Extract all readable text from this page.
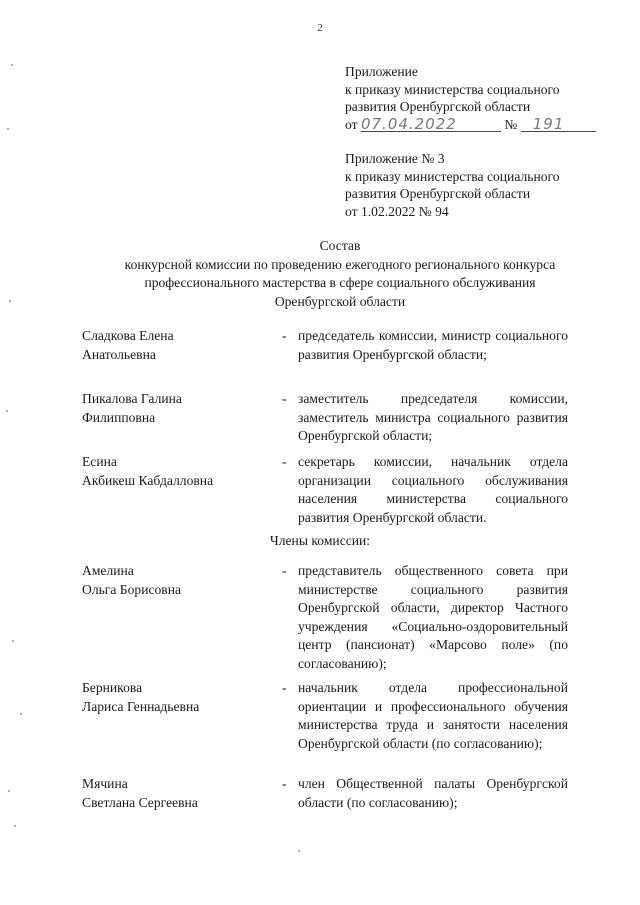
2
Приложение
к приказу министерства социального
развития Оренбургской области
от 07.04.2022	№ 191
Приложение № 3
к приказу министерства социального
развития Оренбургской области
от 1.02.2022 № 94
Состав
конкурсной комиссии по проведению ежегодного регионального конкурса
профессионального мастерства в сфере социального обслуживания
Оренбургской области
Сладкова Елена
Анатольевна
- председатель комиссии, министр социального развития Оренбургской области;
Пикалова Галина
Филипповна
- заместитель председателя комиссии, заместитель министра социального развития Оренбургской области;
Есина
Акбикеш Кабдалловна
- секретарь комиссии, начальник отдела организации социального обслуживания населения министерства социального развития Оренбургской области.
Члены комиссии:
Амелина
Ольга Борисовна
- представитель общественного совета при министерстве социального развития Оренбургской области, директор Частного учреждения «Социально-оздоровительный центр (пансионат) «Марсово поле» (по согласованию);
Берникова
Лариса Геннадьевна
- начальник отдела профессиональной ориентации и профессионального обучения министерства труда и занятости населения Оренбургской области (по согласованию);
Мячина
Светлана Сергеевна
- член Общественной палаты Оренбургской области (по согласованию);
